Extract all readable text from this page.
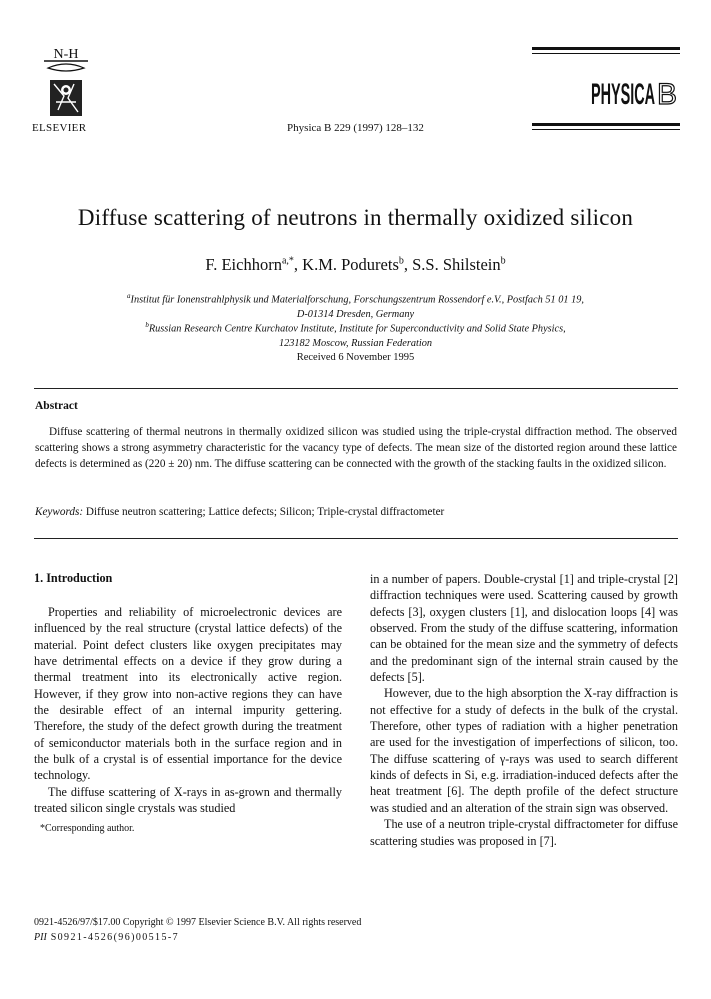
N-H
ELSEVIER	Physica B 229 (1997) 128–132
PHYSICA B
Diffuse scattering of neutrons in thermally oxidized silicon
F. Eichhorn$^{a,*}$, K.M. Podurets$^b$, S.S. Shilstein$^b$
$^a$Institut für Ionenstrahlphysik und Materialforschung, Forschungszentrum Rossendorf e.V., Postfach 51 01 19,
D-01314 Dresden, Germany
$^b$Russian Research Centre Kurchatov Institute, Institute for Superconductivity and Solid State Physics,
123182 Moscow, Russian Federation
Received 6 November 1995
Abstract
Diffuse scattering of thermal neutrons in thermally oxidized silicon was studied using the triple-crystal diffraction method. The observed scattering shows a strong asymmetry characteristic for the vacancy type of defects. The mean size of the distorted region around these lattice defects is determined as (220 ± 20) nm. The diffuse scattering can be connected with the growth of the stacking faults in the oxidized silicon.
Keywords: Diffuse neutron scattering; Lattice defects; Silicon; Triple-crystal diffractometer
1. Introduction
Properties and reliability of microelectronic devices are influenced by the real structure (crystal lattice defects) of the material. Point defect clusters like oxygen precipitates may have detrimental effects on a device if they grow during a thermal treatment into its electronically active region. However, if they grow into non-active regions they can have the desirable effect of an internal impurity gettering. Therefore, the study of the defect growth during the treatment of semiconductor materials both in the surface region and in the bulk of a crystal is of essential importance for the device technology.
The diffuse scattering of X-rays in as-grown and thermally treated silicon single crystals was studied
in a number of papers. Double-crystal [1] and triple-crystal [2] diffraction techniques were used. Scattering caused by growth defects [3], oxygen clusters [1], and dislocation loops [4] was observed. From the study of the diffuse scattering, information can be obtained for the mean size and the symmetry of defects and the predominant sign of the internal strain caused by the defects [5].
However, due to the high absorption the X-ray diffraction is not effective for a study of defects in the bulk of the crystal. Therefore, other types of radiation with a higher penetration are used for the investigation of imperfections of silicon, too. The diffuse scattering of γ-rays was used to search different kinds of defects in Si, e.g. irradiation-induced defects after the heat treatment [6]. The depth profile of the defect structure was studied and an alteration of the strain sign was observed.
The use of a neutron triple-crystal diffractometer for diffuse scattering studies was proposed in [7].
*Corresponding author.
0921-4526/97/$17.00 Copyright © 1997 Elsevier Science B.V. All rights reserved
PII S0921-4526(96)00515-7
